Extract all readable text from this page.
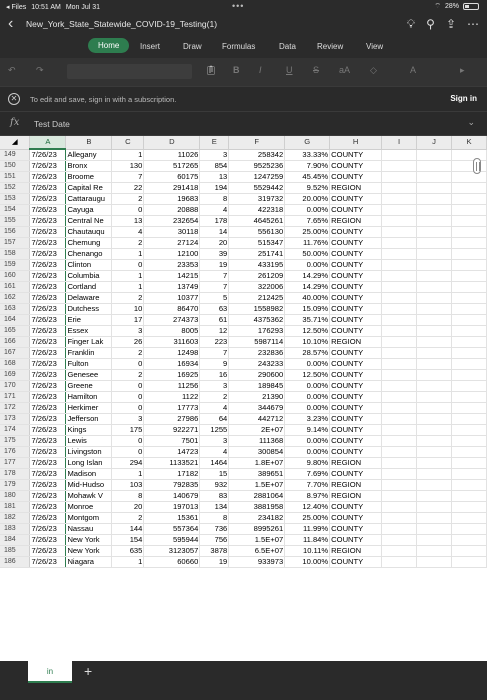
◂ Files 10:51 AM Mon Jul 31	•••	⌔ 28%
‹ New_York_State_Statewide_COVID-19_Testing(1)	💡︎ ⚲ ⇪ ⋯
Home	Insert	Draw	Formulas	Data	Review	View
↶ ↷	📋︎ B I	U S aA ◇	A	▸
✕	To edit and save, sign in with a subscription.	Sign in
fx Test Date	⌄
◢	A	B	C	D	E	F	G	H	I	J	K
149	7/26/23	Allegany	1	11026	3	258342	33.33%	COUNTY			
150	7/26/23	Bronx	130	517265	854	9525236	7.90%	COUNTY			
151	7/26/23	Broome	7	60175	13	1247259	45.45%	COUNTY			
152	7/26/23	Capital Re	22	291418	194	5529442	9.52%	REGION			
153	7/26/23	Cattaraugu	2	19683	8	319732	20.00%	COUNTY			
154	7/26/23	Cayuga	0	20888	4	422318	0.00%	COUNTY			
155	7/26/23	Central Ne	13	232654	178	4645261	7.65%	REGION			
156	7/26/23	Chautauqu	4	30118	14	556130	25.00%	COUNTY			
157	7/26/23	Chemung	2	27124	20	515347	11.76%	COUNTY			
158	7/26/23	Chenango	1	12100	39	251741	50.00%	COUNTY			
159	7/26/23	Clinton	0	23353	19	433195	0.00%	COUNTY			
160	7/26/23	Columbia	1	14215	7	261209	14.29%	COUNTY			
161	7/26/23	Cortland	1	13749	7	322006	14.29%	COUNTY			
162	7/26/23	Delaware	2	10377	5	212425	40.00%	COUNTY			
163	7/26/23	Dutchess	10	86470	63	1558982	15.09%	COUNTY			
164	7/26/23	Erie	17	274373	61	4375362	35.71%	COUNTY			
165	7/26/23	Essex	3	8005	12	176293	12.50%	COUNTY			
166	7/26/23	Finger Lak	26	311603	223	5987114	10.10%	REGION			
167	7/26/23	Franklin	2	12498	7	232836	28.57%	COUNTY			
168	7/26/23	Fulton	0	16934	9	243233	0.00%	COUNTY			
169	7/26/23	Genesee	2	16925	16	290600	12.50%	COUNTY			
170	7/26/23	Greene	0	11256	3	189845	0.00%	COUNTY			
171	7/26/23	Hamilton	0	1122	2	21390	0.00%	COUNTY			
172	7/26/23	Herkimer	0	17773	4	344679	0.00%	COUNTY			
173	7/26/23	Jefferson	3	27986	64	442712	3.23%	COUNTY			
174	7/26/23	Kings	175	922271	1255	2E+07	9.14%	COUNTY			
175	7/26/23	Lewis	0	7501	3	111368	0.00%	COUNTY			
176	7/26/23	Livingston	0	14723	4	300854	0.00%	COUNTY			
177	7/26/23	Long Islan	294	1133521	1464	1.8E+07	9.80%	REGION			
178	7/26/23	Madison	1	17182	15	389651	7.69%	COUNTY			
179	7/26/23	Mid-Hudso	103	792835	932	1.5E+07	7.70%	REGION			
180	7/26/23	Mohawk V	8	140679	83	2881064	8.97%	REGION			
181	7/26/23	Monroe	20	197013	134	3881958	12.40%	COUNTY			
182	7/26/23	Montgom	2	15361	8	234182	25.00%	COUNTY			
183	7/26/23	Nassau	144	557364	736	8995261	11.99%	COUNTY			
184	7/26/23	New York	154	595944	756	1.5E+07	11.84%	COUNTY			
185	7/26/23	New York	635	3123057	3878	6.5E+07	10.11%	REGION			
186	7/26/23	Niagara	1	60660	19	933973	10.00%	COUNTY			
in	+
